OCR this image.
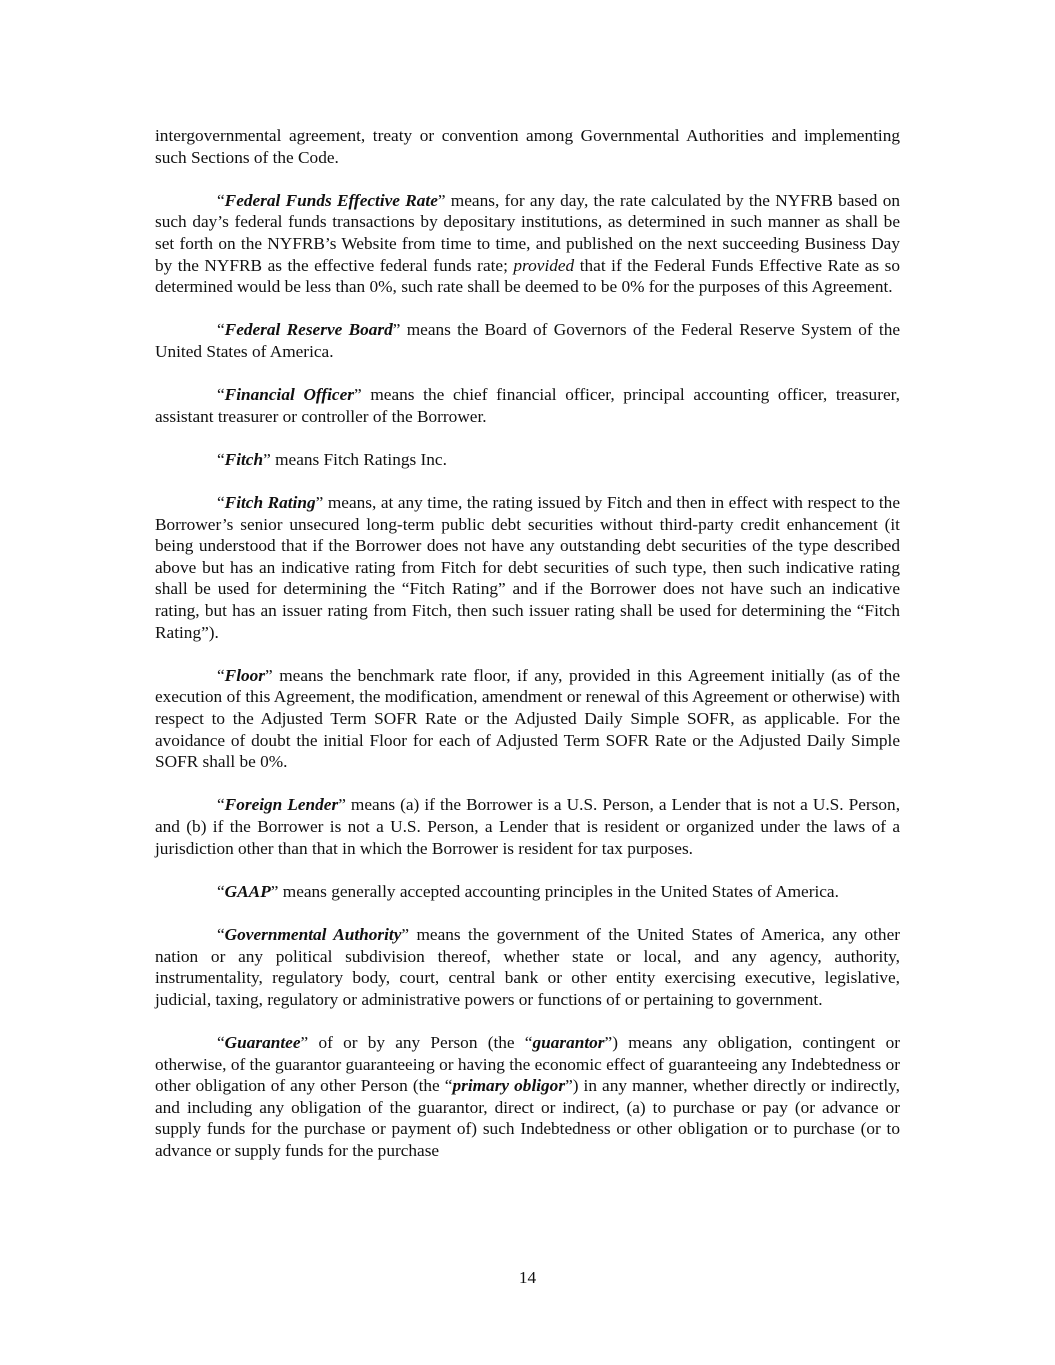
intergovernmental agreement, treaty or convention among Governmental Authorities and implementing such Sections of the Code.

“Federal Funds Effective Rate” means, for any day, the rate calculated by the NYFRB based on such day’s federal funds transactions by depositary institutions, as determined in such manner as shall be set forth on the NYFRB’s Website from time to time, and published on the next succeeding Business Day by the NYFRB as the effective federal funds rate; provided that if the Federal Funds Effective Rate as so determined would be less than 0%, such rate shall be deemed to be 0% for the purposes of this Agreement.

“Federal Reserve Board” means the Board of Governors of the Federal Reserve System of the United States of America.

“Financial Officer” means the chief financial officer, principal accounting officer, treasurer, assistant treasurer or controller of the Borrower.

“Fitch” means Fitch Ratings Inc.

“Fitch Rating” means, at any time, the rating issued by Fitch and then in effect with respect to the Borrower’s senior unsecured long-term public debt securities without third-party credit enhancement (it being understood that if the Borrower does not have any outstanding debt securities of the type described above but has an indicative rating from Fitch for debt securities of such type, then such indicative rating shall be used for determining the “Fitch Rating” and if the Borrower does not have such an indicative rating, but has an issuer rating from Fitch, then such issuer rating shall be used for determining the “Fitch Rating”).

“Floor” means the benchmark rate floor, if any, provided in this Agreement initially (as of the execution of this Agreement, the modification, amendment or renewal of this Agreement or otherwise) with respect to the Adjusted Term SOFR Rate or the Adjusted Daily Simple SOFR, as applicable. For the avoidance of doubt the initial Floor for each of Adjusted Term SOFR Rate or the Adjusted Daily Simple SOFR shall be 0%.

“Foreign Lender” means (a) if the Borrower is a U.S. Person, a Lender that is not a U.S. Person, and (b) if the Borrower is not a U.S. Person, a Lender that is resident or organized under the laws of a jurisdiction other than that in which the Borrower is resident for tax purposes.

“GAAP” means generally accepted accounting principles in the United States of America.

“Governmental Authority” means the government of the United States of America, any other nation or any political subdivision thereof, whether state or local, and any agency, authority, instrumentality, regulatory body, court, central bank or other entity exercising executive, legislative, judicial, taxing, regulatory or administrative powers or functions of or pertaining to government.

“Guarantee” of or by any Person (the “guarantor”) means any obligation, contingent or otherwise, of the guarantor guaranteeing or having the economic effect of guaranteeing any Indebtedness or other obligation of any other Person (the “primary obligor”) in any manner, whether directly or indirectly, and including any obligation of the guarantor, direct or indirect, (a) to purchase or pay (or advance or supply funds for the purchase or payment of) such Indebtedness or other obligation or to purchase (or to advance or supply funds for the purchase

14
